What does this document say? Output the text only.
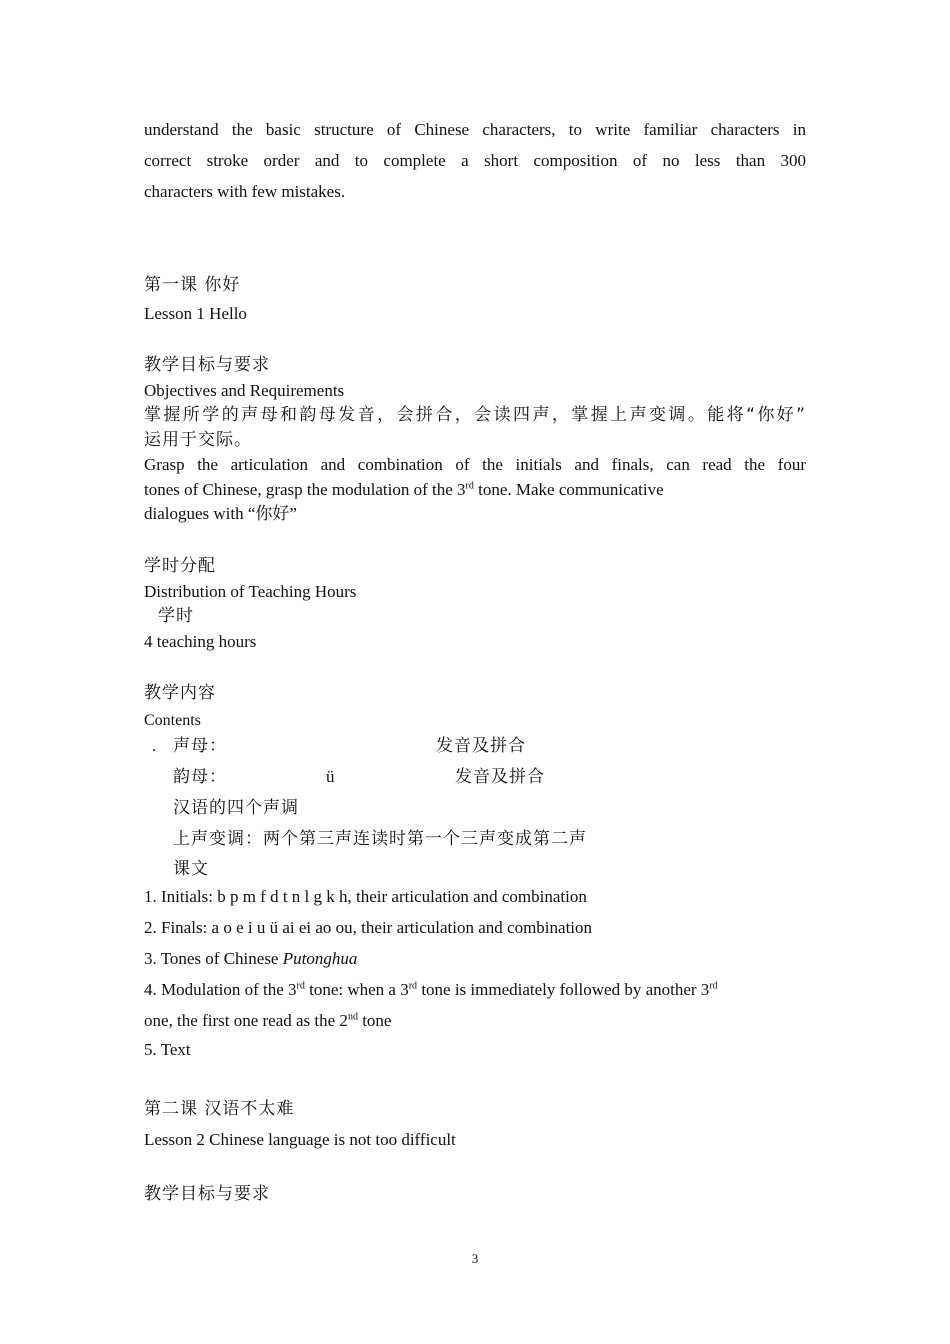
understand the basic structure of Chinese characters, to write familiar characters in
correct stroke order and to complete a short composition of no less than 300
characters with few mistakes.
第一课 你好
Lesson 1 Hello
教学目标与要求
Objectives and Requirements
掌握所学的声母和韵母发音，会拼合，会读四声，掌握上声变调。能将“你好”
运用于交际。
Grasp the articulation and combination of the initials and finals, can read the four
tones of Chinese, grasp the modulation of the 3rd tone. Make communicative
dialogues with “你好”
学时分配
Distribution of Teaching Hours
学时
4 teaching hours
教学内容
Contents
. 声母：	发音及拼合
韵母：	ü	发音及拼合
汉语的四个声调
上声变调：两个第三声连读时第一个三声变成第二声
课文
1. Initials: b p m f d t n l g k h, their articulation and combination
2. Finals: a o e i u ü ai ei ao ou, their articulation and combination
3. Tones of Chinese Putonghua
4. Modulation of the 3rd tone: when a 3rd tone is immediately followed by another 3rd
one, the first one read as the 2nd tone
5. Text
第二课 汉语不太难
Lesson 2 Chinese language is not too difficult
教学目标与要求
3
